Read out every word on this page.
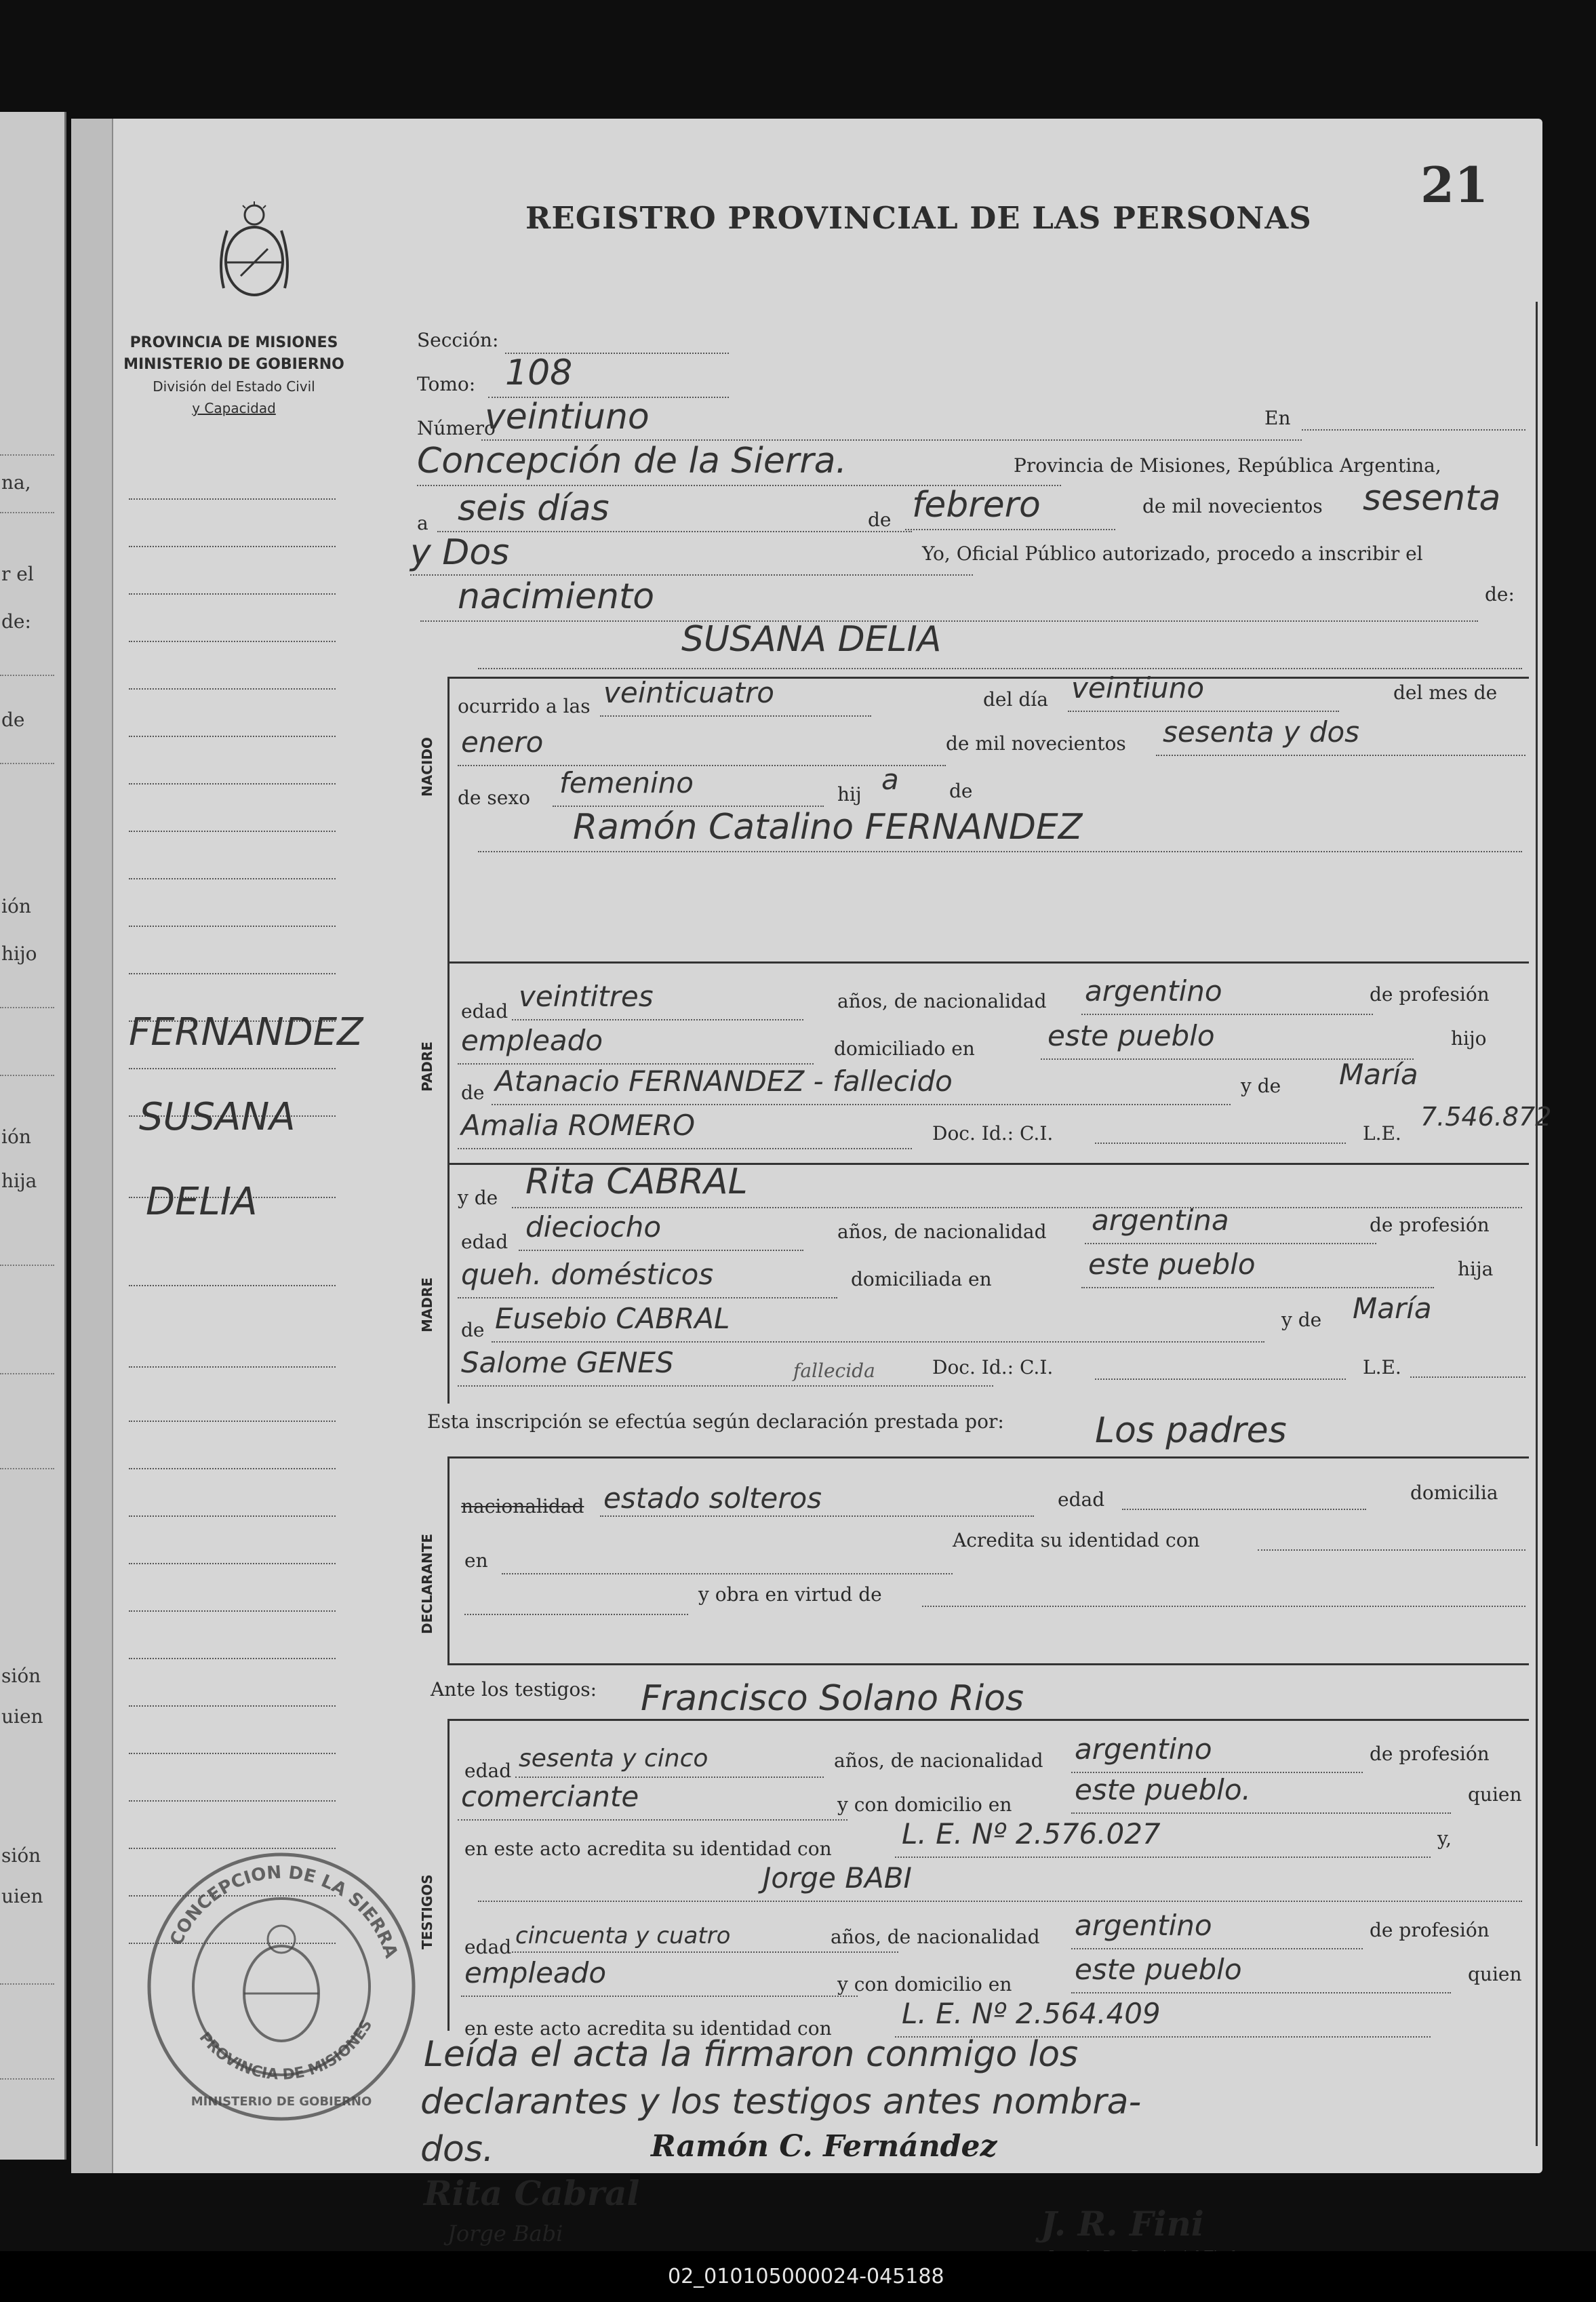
na,
r el
de:
de
ión
hijo
ión
hija
sión
uien
sión
uien
PROVINCIA DE MISIONES
MINISTERIO DE GOBIERNO
División del Estado Civil
y Capacidad
REGISTRO PROVINCIAL DE LAS PERSONAS
21
FERNANDEZ
SUSANA
DELIA
Sección:
Tomo: 108
Número
veintiuno	En
Concepción de la Sierra.	Provincia de Misiones, República Argentina,
a seis días	de febrero	de mil novecientos sesenta
y Dos	Yo, Oficial Público autorizado, procedo a inscribir el
nacimiento	de:
NACIDO
SUSANA DELIA
ocurrido a las veinticuatro	del día veintiuno	del mes de
enero	de mil novecientos sesenta y dos
de sexo femenino	hij a	de
Ramón Catalino FERNANDEZ
PADRE
edad veintitres	años, de nacionalidad argentino	de profesión
empleado	domiciliado en	este pueblo	hijo
de Atanacio FERNANDEZ - fallecido	y de María
Amalia ROMERO	Doc. Id.: C.I.	L.E.
7.546.872
MADRE
y de Rita CABRAL
edad dieciocho	años, de nacionalidad argentina	de profesión
queh. domésticos	domiciliada en	este pueblo	hija
de Eusebio CABRAL	y de María
Salome GENES	fallecida	Doc. Id.: C.I.	L.E.
Esta inscripción se efectúa según declaración prestada por:	Los padres
DECLARANTE
nacionalidad estado solteros	edad	domicilia
en
Acredita su identidad con
y obra en virtud de
Ante los testigos: Francisco Solano Rios
TESTIGOS
edad sesenta y cinco	años, de nacionalidad argentino	de profesión
comerciante	y con domicilio en este pueblo.	quien
en este acto acredita su identidad con L. E. Nº 2.576.027	y,
Jorge BABI
edad cincuenta y cuatro	años, de nacionalidad argentino	de profesión
empleado	y con domicilio en este pueblo	quien
en este acto acredita su identidad con L. E. Nº 2.564.409
Leída el acta la firmaron conmigo los
declarantes y los testigos antes nombra-
dos.	Ramón C. Fernández
Rita Cabral
Jorge Babi	J. R. Fini
CONCEPCION DE LA SIERRA
PROVINCIA DE MISIONES
MINISTERIO DE GOBIERNO
02_010105000024-045188
